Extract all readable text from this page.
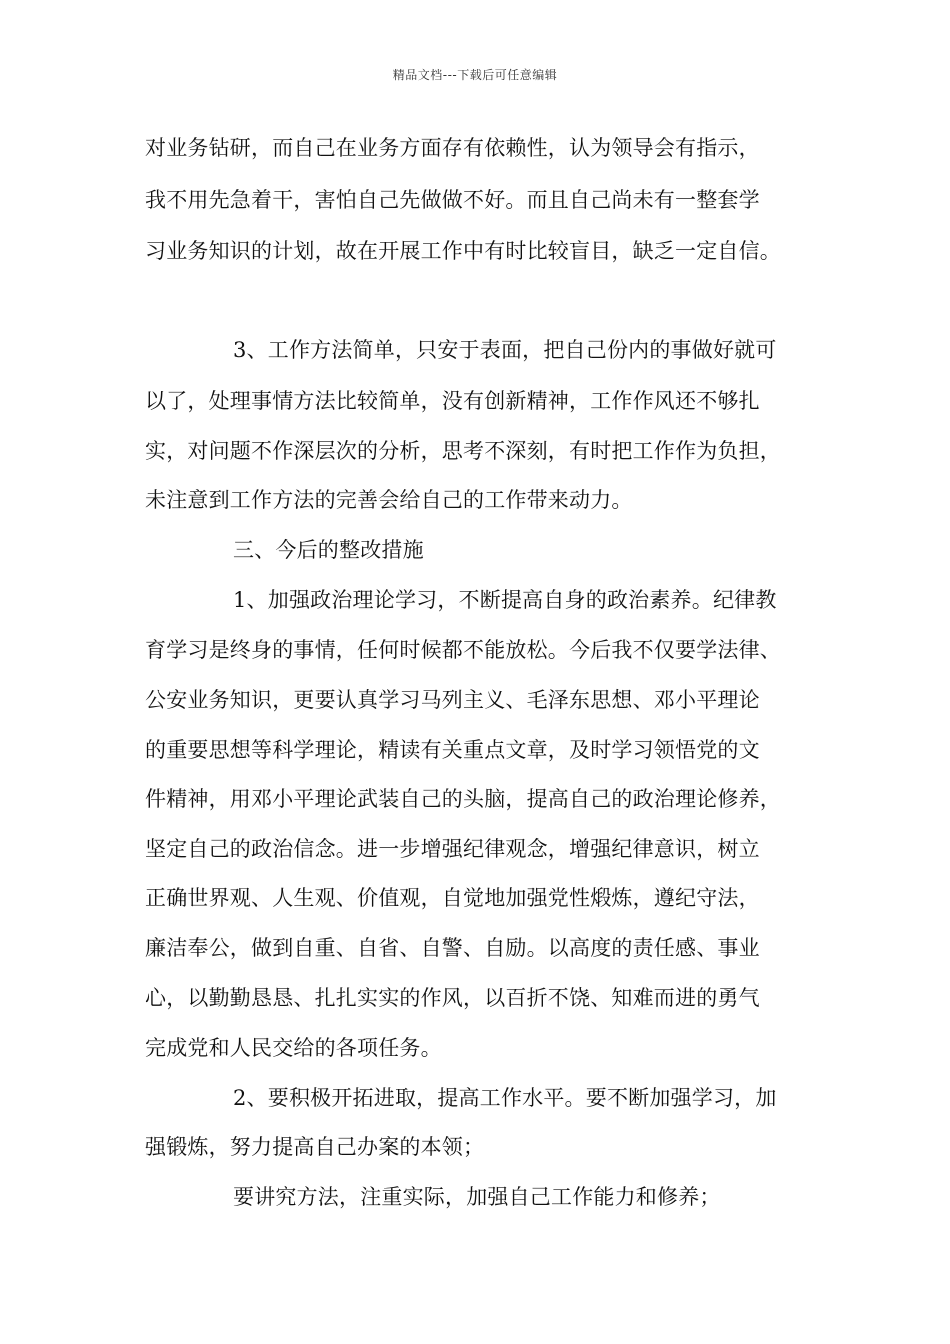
精品文档---下载后可任意编辑
对业务钻研，而自己在业务方面存有依赖性，认为领导会有指示，
我不用先急着干，害怕自己先做做不好。而且自己尚未有一整套学
习业务知识的计划，故在开展工作中有时比较盲目，缺乏一定自信。
3、工作方法简单，只安于表面，把自己份内的事做好就可
以了，处理事情方法比较简单，没有创新精神，工作作风还不够扎
实，对问题不作深层次的分析，思考不深刻，有时把工作作为负担，
未注意到工作方法的完善会给自己的工作带来动力。
三、今后的整改措施
1、加强政治理论学习，不断提高自身的政治素养。纪律教
育学习是终身的事情，任何时候都不能放松。今后我不仅要学法律、
公安业务知识，更要认真学习马列主义、毛泽东思想、邓小平理论
的重要思想等科学理论，精读有关重点文章，及时学习领悟党的文
件精神，用邓小平理论武装自己的头脑，提高自己的政治理论修养，
坚定自己的政治信念。进一步增强纪律观念，增强纪律意识，树立
正确世界观、人生观、价值观，自觉地加强党性煅炼，遵纪守法，
廉洁奉公，做到自重、自省、自警、自励。以高度的责任感、事业
心，以勤勤恳恳、扎扎实实的作风，以百折不饶、知难而进的勇气
完成党和人民交给的各项任务。
2、要积极开拓进取，提高工作水平。要不断加强学习，加
强锻炼，努力提高自己办案的本领；
要讲究方法，注重实际，加强自己工作能力和修养；
